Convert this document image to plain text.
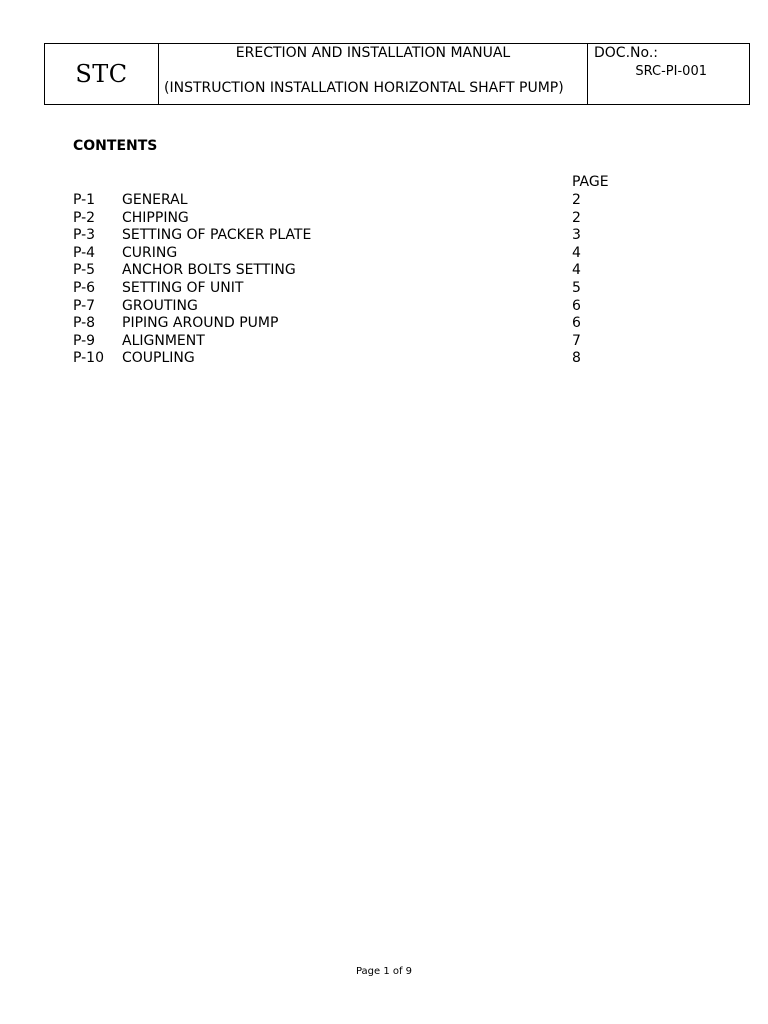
STC

ERECTION AND INSTALLATION MANUAL
(INSTRUCTION INSTALLATION HORIZONTAL SHAFT PUMP)

DOC.No.:
SRC-PI-001
CONTENTS
PAGE
P-1 GENERAL	2
P-2 CHIPPING	2
P-3 SETTING OF PACKER PLATE	3
P-4 CURING	4
P-5 ANCHOR BOLTS SETTING	4
P-6 SETTING OF UNIT	5
P-7 GROUTING	6
P-8 PIPING AROUND PUMP	6
P-9 ALIGNMENT	7
P-10 COUPLING	8
Page 1 of 9
